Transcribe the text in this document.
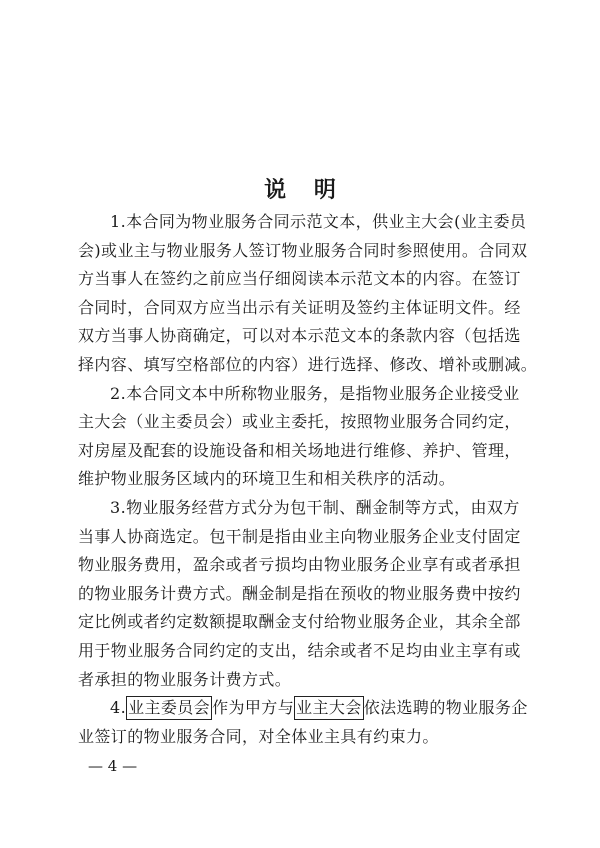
说 明
1.本合同为物业服务合同示范文本，供业主大会(业主委员
会)或业主与物业服务人签订物业服务合同时参照使用。合同双
方当事人在签约之前应当仔细阅读本示范文本的内容。在签订
合同时，合同双方应当出示有关证明及签约主体证明文件。经
双方当事人协商确定，可以对本示范文本的条款内容（包括选
择内容、填写空格部位的内容）进行选择、修改、增补或删减。
2.本合同文本中所称物业服务，是指物业服务企业接受业
主大会（业主委员会）或业主委托，按照物业服务合同约定，
对房屋及配套的设施设备和相关场地进行维修、养护、管理，
维护物业服务区域内的环境卫生和相关秩序的活动。
3.物业服务经营方式分为包干制、酬金制等方式，由双方
当事人协商选定。包干制是指由业主向物业服务企业支付固定
物业服务费用，盈余或者亏损均由物业服务企业享有或者承担
的物业服务计费方式。酬金制是指在预收的物业服务费中按约
定比例或者约定数额提取酬金支付给物业服务企业，其余全部
用于物业服务合同约定的支出，结余或者不足均由业主享有或
4. 业主委员会 作为甲方与 业主大会 依法选聘的物业服务企
业签订的物业服务合同，对全体业主具有约束力。
者承担的物业服务计费方式。
— 4 —
